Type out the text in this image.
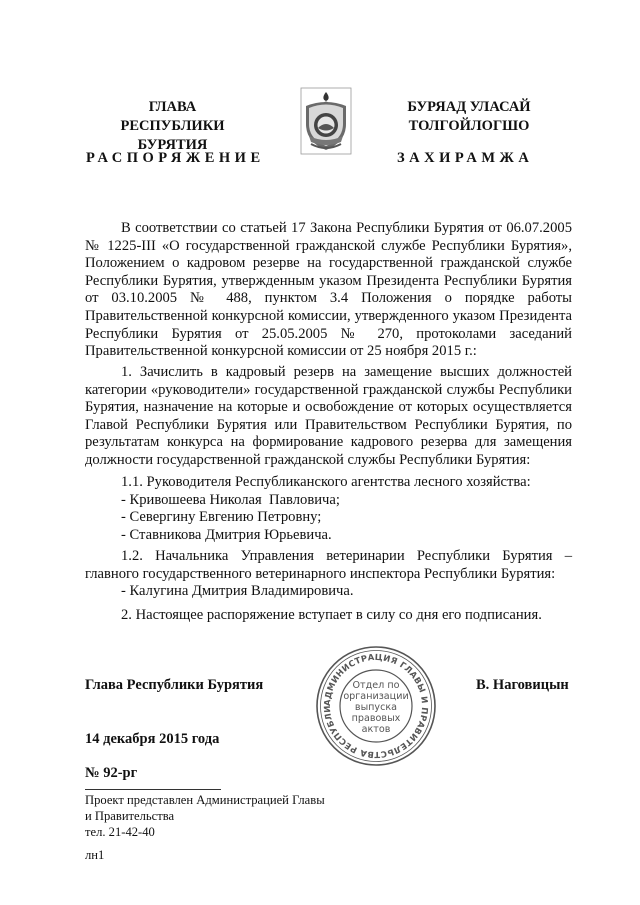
ГЛАВА
РЕСПУБЛИКИ БУРЯТИЯ
БУРЯАД УЛАСАЙ
ТОЛГОЙЛОГШО
РАСПОРЯЖЕНИЕ	ЗАХИРАМЖА

В соответствии со статьей 17 Закона Республики Бурятия от 06.07.2005

№ 1225-III «О государственной гражданской службе Республики Бурятия»,

Положением о кадровом резерве на государственной гражданской службе

Республики Бурятия, утвержденным указом Президента Республики Бурятия

от 03.10.2005 № 488, пунктом 3.4 Положения о порядке работы

Правительственной конкурсной комиссии, утвержденного указом Президента

Республики Бурятия от 25.05.2005 № 270, протоколами заседаний

Правительственной конкурсной комиссии от 25 ноября 2015 г.:

1. Зачислить в кадровый резерв на замещение высших должностей

категории «руководители» государственной гражданской службы Республики

Бурятия, назначение на которые и освобождение от которых осуществляется

Главой Республики Бурятия или Правительством Республики Бурятия, по

результатам конкурса на формирование кадрового резерва для замещения

должности государственной гражданской службы Республики Бурятия:

1.1. Руководителя Республиканского агентства лесного хозяйства:

- Кривошеева Николая  Павловича;

- Севергину Евгению Петровну;

- Ставникова Дмитрия Юрьевича.

1.2. Начальника Управления ветеринарии Республики Бурятия –

главного государственного ветеринарного инспектора Республики Бурятия:

- Калугина Дмитрия Владимировича.

2. Настоящее распоряжение вступает в силу со дня его подписания.
Глава Республики Бурятия	В. Наговицын
АДМИНИСТРАЦИЯ ГЛАВЫ И ПРАВИТЕЛЬСТВА РЕСПУБЛИ
Отдел по
организации
выпуска
правовых
актов
14 декабря 2015 года
№ 92-рг
Проект представлен Администрацией Главы
и Правительства
тел. 21-42-40
лн1
